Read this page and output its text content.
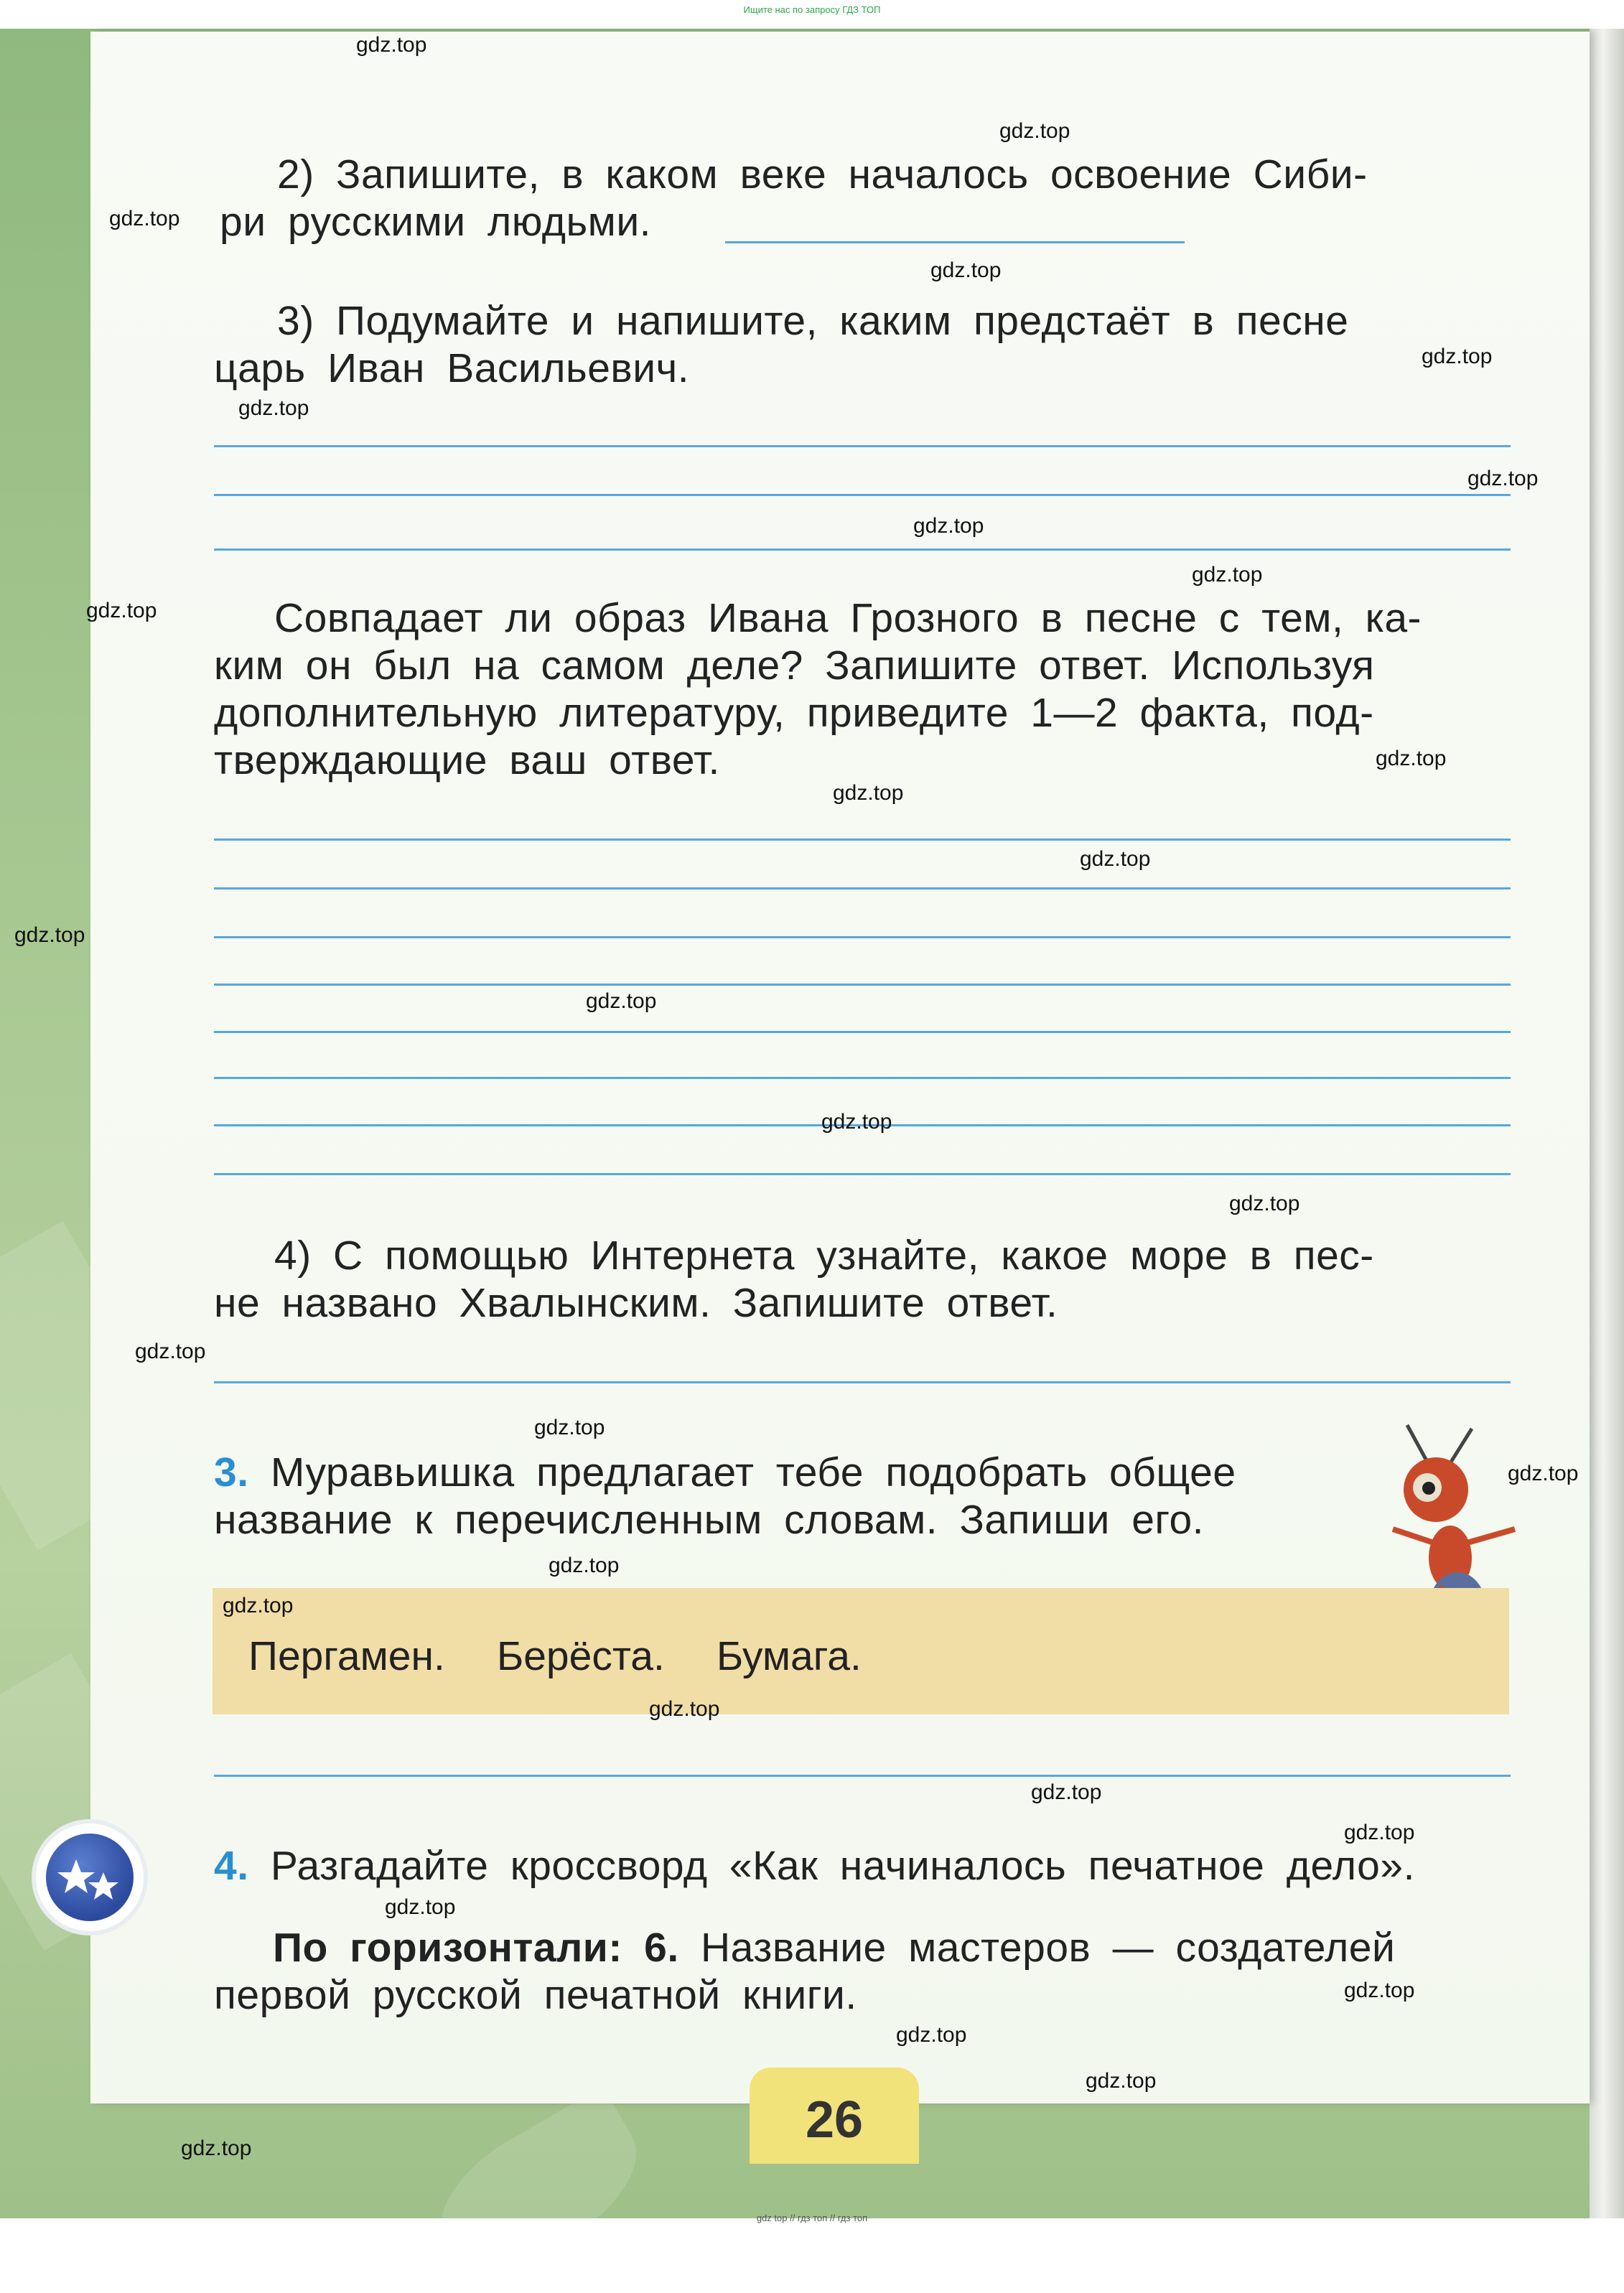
Ищите нас по запросу ГДЗ ТОП
2) Запишите, в каком веке началось освоение Сиби-
ри русскими людьми.
3) Подумайте и напишите, каким предстаёт в песне
царь Иван Васильевич.
Совпадает ли образ Ивана Грозного в песне с тем, ка-
ким он был на самом деле? Запишите ответ. Используя
дополнительную литературу, приведите 1—2 факта, под-
тверждающие ваш ответ.
4) С помощью Интернета узнайте, какое море в пес-
не названо Хвалынским. Запишите ответ.
3. Муравьишка предлагает тебе подобрать общее
название к перечисленным словам. Запиши его.
Пергамен. Берёста. Бумага.
4. Разгадайте кроссворд «Как начиналось печатное дело».
По горизонтали: 6. Название мастеров — создателей
первой русской печатной книги.
26
gdz.top
gdz.top
gdz.top
gdz.top
gdz.top
gdz.top
gdz.top
gdz.top
gdz.top
gdz.top
gdz.top
gdz.top
gdz.top
gdz.top
gdz.top
gdz.top
gdz.top
gdz.top
gdz.top
gdz.top
gdz.top
gdz.top
gdz.top
gdz.top
gdz.top
gdz.top
gdz.top
gdz.top
gdz.top
gdz.top
gdz top // гдз топ // гдз топ
